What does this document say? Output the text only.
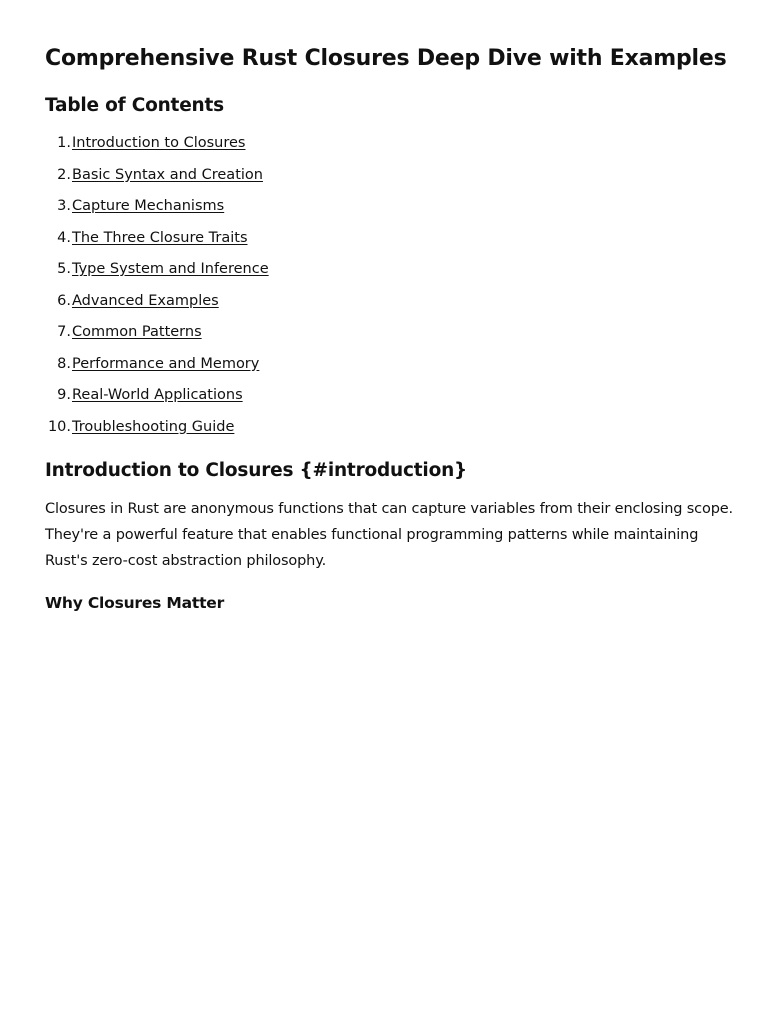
Comprehensive Rust Closures Deep Dive with Examples
Table of Contents
1. Introduction to Closures
2. Basic Syntax and Creation
3. Capture Mechanisms
4. The Three Closure Traits
5. Type System and Inference
6. Advanced Examples
7. Common Patterns
8. Performance and Memory
9. Real-World Applications
10. Troubleshooting Guide
Introduction to Closures {#introduction}

Closures in Rust are anonymous functions that can capture variables from their enclosing scope. They're a powerful feature that enables functional programming patterns while maintaining Rust's zero-cost abstraction philosophy.

Why Closures Matter
